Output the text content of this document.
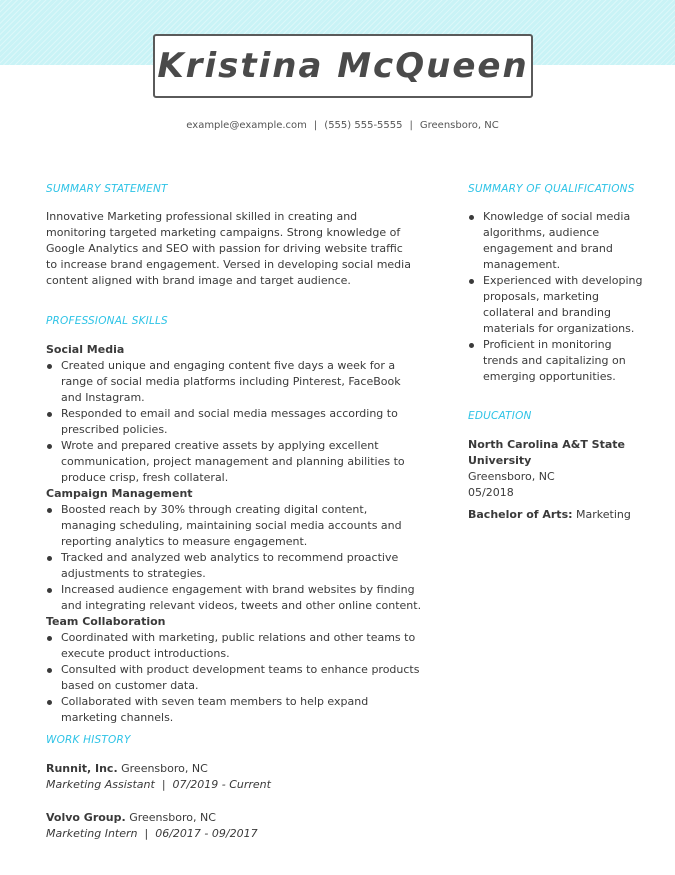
Kristina McQueen
example@example.com | (555) 555-5555 | Greensboro, NC
SUMMARY STATEMENT
Innovative Marketing professional skilled in creating and monitoring targeted marketing campaigns. Strong knowledge of Google Analytics and SEO with passion for driving website traffic to increase brand engagement. Versed in developing social media content aligned with brand image and target audience.
PROFESSIONAL SKILLS
Social Media
Created unique and engaging content five days a week for a range of social media platforms including Pinterest, FaceBook and Instagram.
Responded to email and social media messages according to prescribed policies.
Wrote and prepared creative assets by applying excellent communication, project management and planning abilities to produce crisp, fresh collateral.
Campaign Management
Boosted reach by 30% through creating digital content, managing scheduling, maintaining social media accounts and reporting analytics to measure engagement.
Tracked and analyzed web analytics to recommend proactive adjustments to strategies.
Increased audience engagement with brand websites by finding and integrating relevant videos, tweets and other online content.
Team Collaboration
Coordinated with marketing, public relations and other teams to execute product introductions.
Consulted with product development teams to enhance products based on customer data.
Collaborated with seven team members to help expand marketing channels.
WORK HISTORY
Runnit, Inc. Greensboro, NC
Marketing Assistant  |  07/2019 - Current
Volvo Group. Greensboro, NC
Marketing Intern  |  06/2017 - 09/2017
SUMMARY OF QUALIFICATIONS
Knowledge of social media algorithms, audience engagement and brand management.
Experienced with developing proposals, marketing collateral and branding materials for organizations.
Proficient in monitoring trends and capitalizing on emerging opportunities.
EDUCATION
North Carolina A&T State University
Greensboro, NC
05/2018
Bachelor of Arts: Marketing
